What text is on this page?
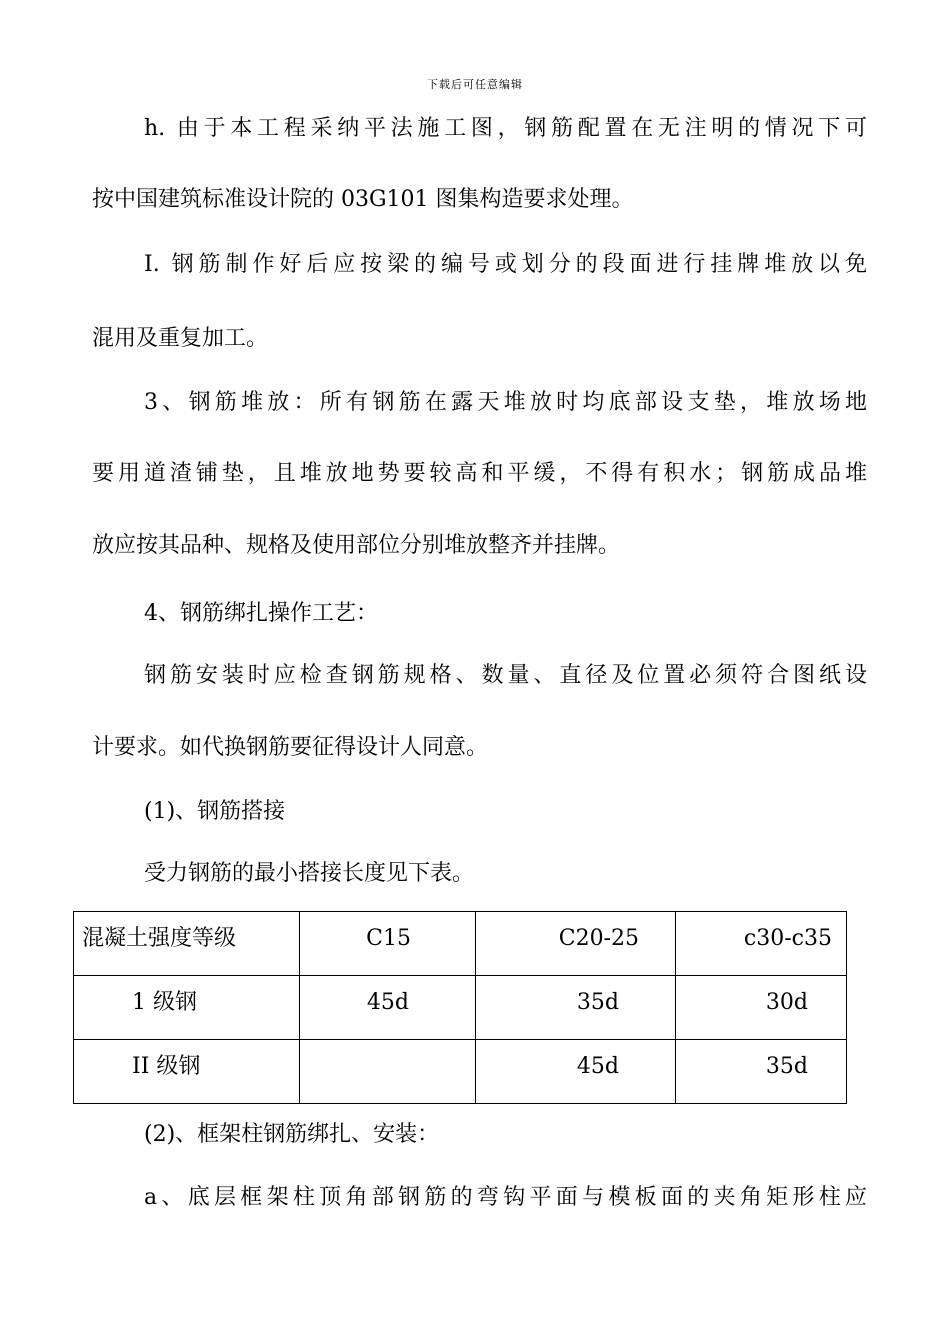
下载后可任意编辑
h. 由于本工程采纳平法施工图，钢筋配置在无注明的情况下可
按中国建筑标准设计院的 03G101 图集构造要求处理。
I. 钢筋制作好后应按梁的编号或划分的段面进行挂牌堆放以免
混用及重复加工。
3、钢筋堆放：所有钢筋在露天堆放时均底部设支垫，堆放场地
要用道渣铺垫，且堆放地势要较高和平缓，不得有积水；钢筋成品堆
放应按其品种、规格及使用部位分别堆放整齐并挂牌。
4、钢筋绑扎操作工艺：
钢筋安装时应检查钢筋规格、数量、直径及位置必须符合图纸设
计要求。如代换钢筋要征得设计人同意。
(1)、钢筋搭接
受力钢筋的最小搭接长度见下表。
混凝土强度等级	C15	C20-25	c30-c35

1 级钢	45d	35d	30d

II 级钢		45d	35d
(2)、框架柱钢筋绑扎、安装：
a、底层框架柱顶角部钢筋的弯钩平面与模板面的夹角矩形柱应
